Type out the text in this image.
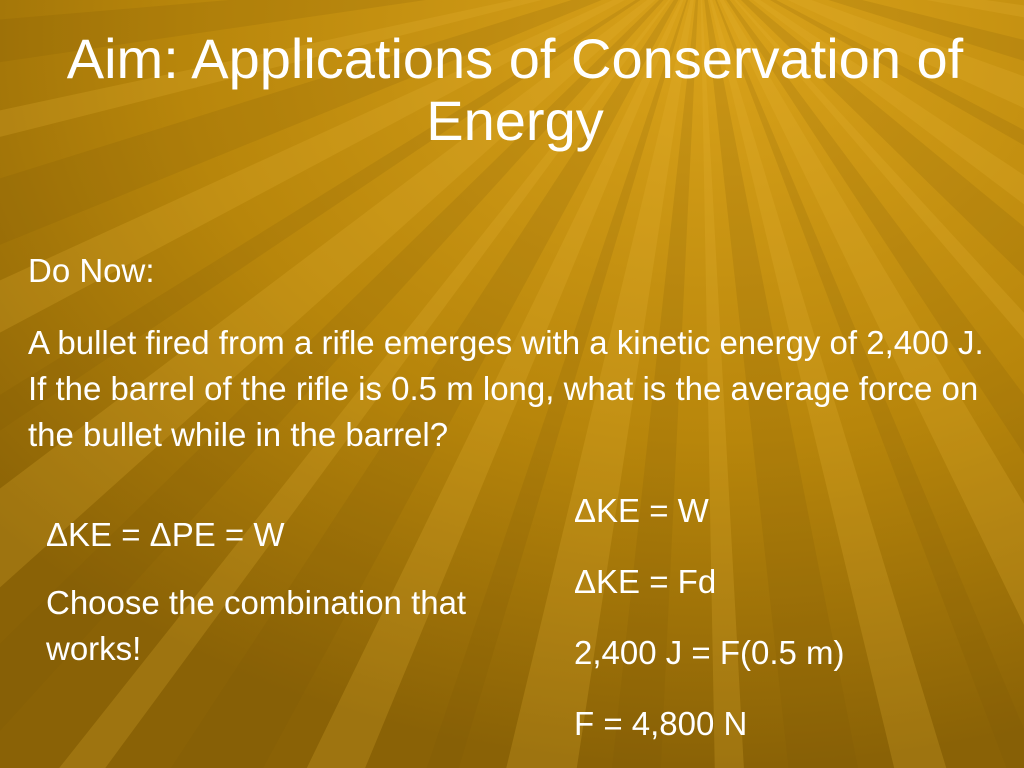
Aim: Applications of Conservation of Energy

Do Now:

A bullet fired from a rifle emerges with a kinetic energy of 2,400 J. If the barrel of the rifle is 0.5 m long, what is the average force on the bullet while in the barrel?

ΔKE = ΔPE = W

Choose the combination that works!

ΔKE = W
ΔKE = Fd
2,400 J = F(0.5 m)
F = 4,800 N
